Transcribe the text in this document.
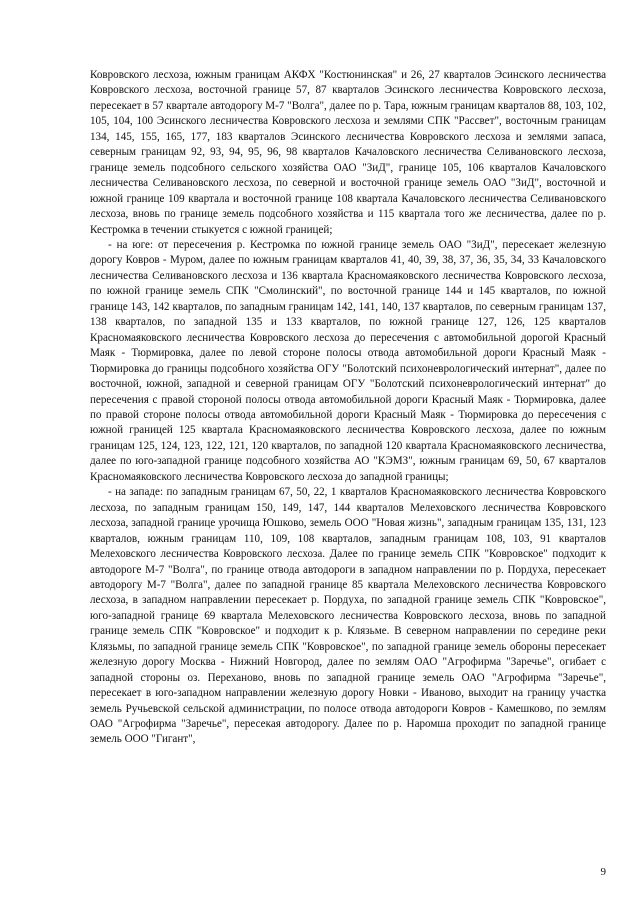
Ковровского лесхоза, южным границам АКФХ "Костюнинская" и 26, 27 кварталов Эсинского лесничества Ковровского лесхоза, восточной границе 57, 87 кварталов Эсинского лесничества Ковровского лесхоза, пересекает в 57 квартале автодорогу М-7 "Волга", далее по р. Тара, южным границам кварталов 88, 103, 102, 105, 104, 100 Эсинского лесничества Ковровского лесхоза и землями СПК "Рассвет", восточным границам 134, 145, 155, 165, 177, 183 кварталов Эсинского лесничества Ковровского лесхоза и землями запаса, северным границам 92, 93, 94, 95, 96, 98 кварталов Качаловского лесничества Селивановского лесхоза, границе земель подсобного сельского хозяйства ОАО "ЗиД", границе 105, 106 кварталов Качаловского лесничества Селивановского лесхоза, по северной и восточной границе земель ОАО "ЗиД", восточной и южной границе 109 квартала и восточной границе 108 квартала Качаловского лесничества Селивановского лесхоза, вновь по границе земель подсобного хозяйства и 115 квартала того же лесничества, далее по р. Кестромка в течении стыкуется с южной границей;

- на юге: от пересечения р. Кестромка по южной границе земель ОАО "ЗиД", пересекает железную дорогу Ковров - Муром, далее по южным границам кварталов 41, 40, 39, 38, 37, 36, 35, 34, 33 Качаловского лесничества Селивановского лесхоза и 136 квартала Красномаяковского лесничества Ковровского лесхоза, по южной границе земель СПК "Смолинский", по восточной границе 144 и 145 кварталов, по южной границе 143, 142 кварталов, по западным границам 142, 141, 140, 137 кварталов, по северным границам 137, 138 кварталов, по западной 135 и 133 кварталов, по южной границе 127, 126, 125 кварталов Красномаяковского лесничества Ковровского лесхоза до пересечения с автомобильной дорогой Красный Маяк - Тюрмировка, далее по левой стороне полосы отвода автомобильной дороги Красный Маяк - Тюрмировка до границы подсобного хозяйства ОГУ "Болотский психоневрологический интернат", далее по восточной, южной, западной и северной границам ОГУ "Болотский психоневрологический интернат" до пересечения с правой стороной полосы отвода автомобильной дороги Красный Маяк - Тюрмировка, далее по правой стороне полосы отвода автомобильной дороги Красный Маяк - Тюрмировка до пересечения с южной границей 125 квартала Красномаяковского лесничества Ковровского лесхоза, далее по южным границам 125, 124, 123, 122, 121, 120 кварталов, по западной 120 квартала Красномаяковского лесничества, далее по юго-западной границе подсобного хозяйства АО "КЭМЗ", южным границам 69, 50, 67 кварталов Красномаяковского лесничества Ковровского лесхоза до западной границы;

- на западе: по западным границам 67, 50, 22, 1 кварталов Красномаяковского лесничества Ковровского лесхоза, по западным границам 150, 149, 147, 144 кварталов Мелеховского лесничества Ковровского лесхоза, западной границе урочища Юшково, земель ООО "Новая жизнь", западным границам 135, 131, 123 кварталов, южным границам 110, 109, 108 кварталов, западным границам 108, 103, 91 кварталов Мелеховского лесничества Ковровского лесхоза. Далее по границе земель СПК "Ковровское" подходит к автодороге М-7 "Волга", по границе отвода автодороги в западном направлении по р. Пордуха, пересекает автодорогу М-7 "Волга", далее по западной границе 85 квартала Мелеховского лесничества Ковровского лесхоза, в западном направлении пересекает р. Пордуха, по западной границе земель СПК "Ковровское", юго-западной границе 69 квартала Мелеховского лесничества Ковровского лесхоза, вновь по западной границе земель СПК "Ковровское" и подходит к р. Клязьме. В северном направлении по середине реки Клязьмы, по западной границе земель СПК "Ковровское", по западной границе земель обороны пересекает железную дорогу Москва - Нижний Новгород, далее по землям ОАО "Агрофирма "Заречье", огибает с западной стороны оз. Перехановo, вновь по западной границе земель ОАО "Агрофирма "Заречье", пересекает в юго-западном направлении железную дорогу Новки - Иваново, выходит на границу участка земель Ручьевской сельской администрации, по полосе отвода автодороги Ковров - Камешково, по землям ОАО "Агрофирма "Заречье", пересекая автодорогу. Далее по р. Наромша проходит по западной границе земель ООО "Гигант",

9
